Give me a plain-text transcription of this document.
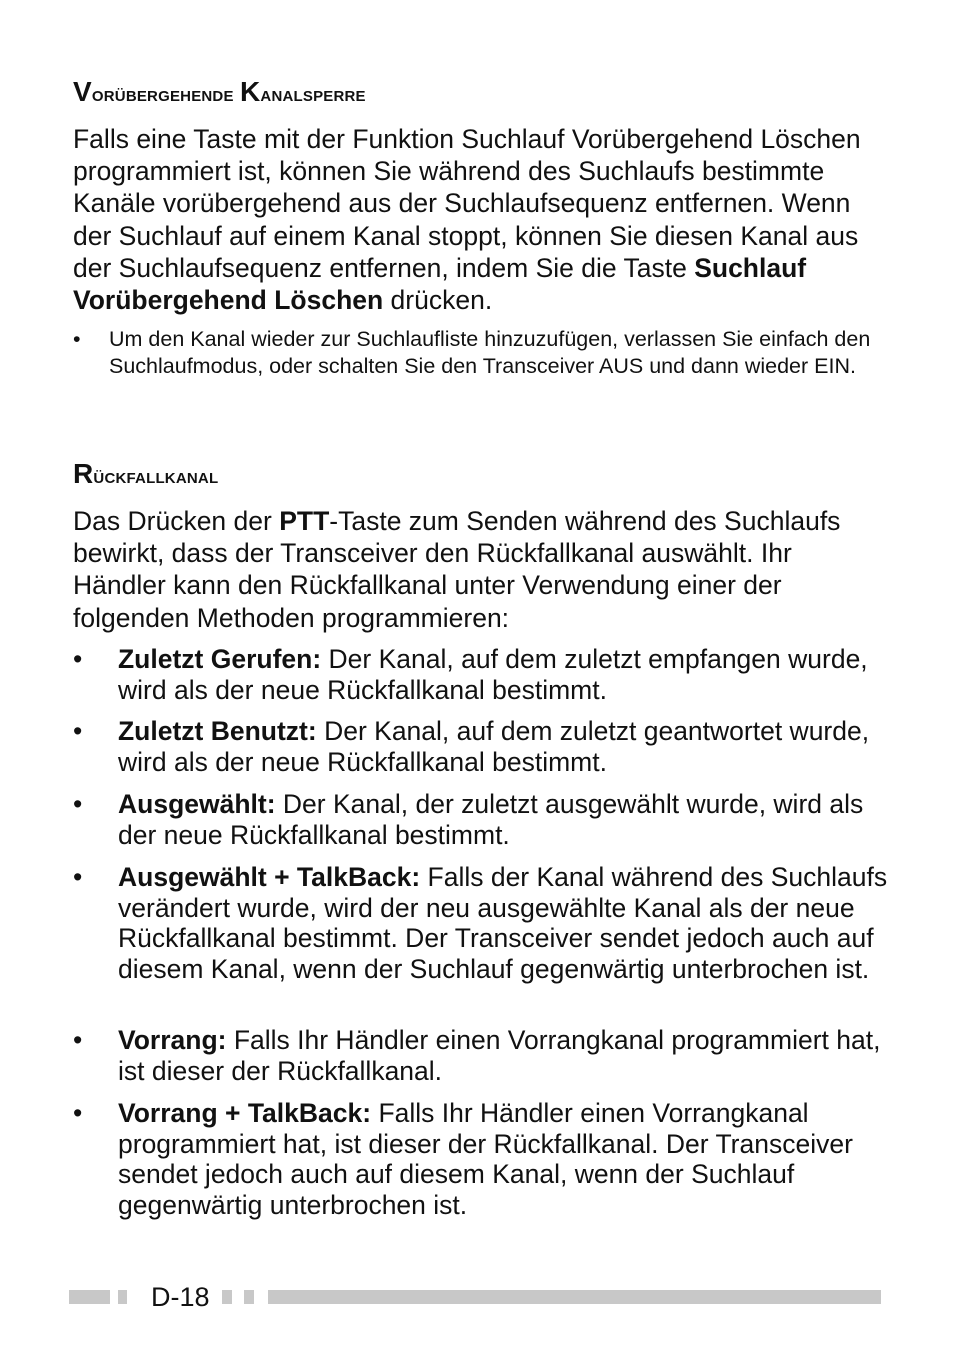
Vorübergehende Kanalsperre
Falls eine Taste mit der Funktion Suchlauf Vorübergehend Löschen programmiert ist, können Sie während des Suchlaufs bestimmte Kanäle vorübergehend aus der Suchlaufsequenz entfernen. Wenn der Suchlauf auf einem Kanal stoppt, können Sie diesen Kanal aus der Suchlaufsequenz entfernen, indem Sie die Taste Suchlauf Vorübergehend Löschen drücken.
• Um den Kanal wieder zur Suchlaufliste hinzuzufügen, verlassen Sie einfach den Suchlaufmodus, oder schalten Sie den Transceiver AUS und dann wieder EIN.
Rückfallkanal
Das Drücken der PTT-Taste zum Senden während des Suchlaufs bewirkt, dass der Transceiver den Rückfallkanal auswählt. Ihr Händler kann den Rückfallkanal unter Verwendung einer der folgenden Methoden programmieren:
• Zuletzt Gerufen: Der Kanal, auf dem zuletzt empfangen wurde, wird als der neue Rückfallkanal bestimmt.
• Zuletzt Benutzt: Der Kanal, auf dem zuletzt geantwortet wurde, wird als der neue Rückfallkanal bestimmt.
• Ausgewählt: Der Kanal, der zuletzt ausgewählt wurde, wird als der neue Rückfallkanal bestimmt.
• Ausgewählt + TalkBack: Falls der Kanal während des Suchlaufs verändert wurde, wird der neu ausgewählte Kanal als der neue Rückfallkanal bestimmt. Der Transceiver sendet jedoch auch auf diesem Kanal, wenn der Suchlauf gegenwärtig unterbrochen ist.
• Vorrang: Falls Ihr Händler einen Vorrangkanal programmiert hat, ist dieser der Rückfallkanal.
• Vorrang + TalkBack: Falls Ihr Händler einen Vorrangkanal programmiert hat, ist dieser der Rückfallkanal. Der Transceiver sendet jedoch auch auf diesem Kanal, wenn der Suchlauf gegenwärtig unterbrochen ist.
D-18
